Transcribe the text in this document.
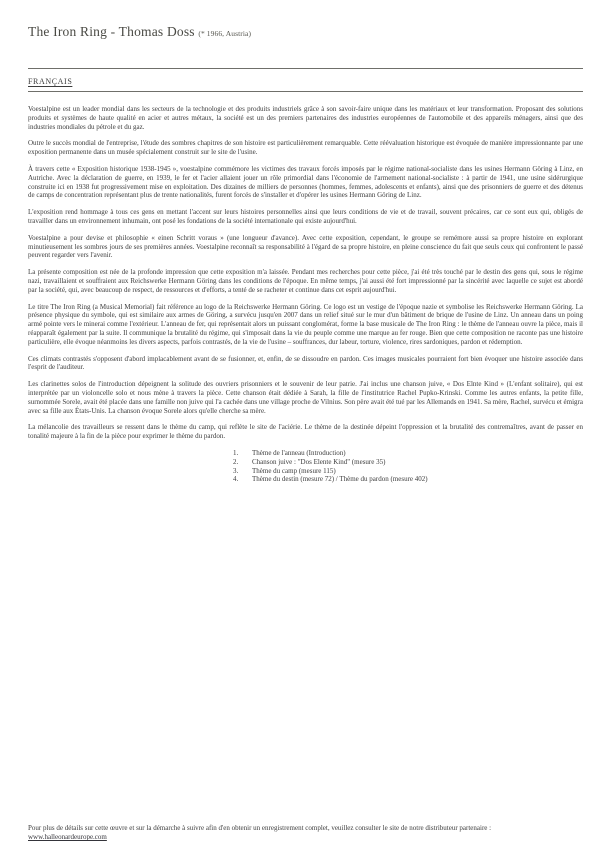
The Iron Ring - Thomas Doss (* 1966, Austria)
FRANÇAIS

Voestalpine est un leader mondial dans les secteurs de la technologie et des produits industriels grâce à son savoir-faire unique dans les matériaux et leur transformation. Proposant des solutions produits et systèmes de haute qualité en acier et autres métaux, la société est un des premiers partenaires des industries européennes de l'automobile et des appareils ménagers, ainsi que des industries mondiales du pétrole et du gaz.

Outre le succès mondial de l'entreprise, l'étude des sombres chapitres de son histoire est particulièrement remarquable. Cette réévaluation historique est évoquée de manière impressionnante par une exposition permanente dans un musée spécialement construit sur le site de l'usine.

À travers cette « Exposition historique 1938-1945 », voestalpine commémore les victimes des travaux forcés imposés par le régime national-socialiste dans les usines Hermann Göring à Linz, en Autriche. Avec la déclaration de guerre, en 1939, le fer et l'acier allaient jouer un rôle primordial dans l'économie de l'armement national-socialiste : à partir de 1941, une usine sidérurgique construite ici en 1938 fut progressivement mise en exploitation. Des dizaines de milliers de personnes (hommes, femmes, adolescents et enfants), ainsi que des prisonniers de guerre et des détenus de camps de concentration représentant plus de trente nationalités, furent forcés de s'installer et d'opérer les usines Hermann Göring de Linz.

L'exposition rend hommage à tous ces gens en mettant l'accent sur leurs histoires personnelles ainsi que leurs conditions de vie et de travail, souvent précaires, car ce sont eux qui, obligés de travailler dans un environnement inhumain, ont posé les fondations de la société internationale qui existe aujourd'hui.

Voestalpine a pour devise et philosophie « einen Schritt voraus » (une longueur d'avance). Avec cette exposition, cependant, le groupe se remémore aussi sa propre histoire en explorant minutieusement les sombres jours de ses premières années. Voestalpine reconnaît sa responsabilité à l'égard de sa propre histoire, en pleine conscience du fait que seuls ceux qui confrontent le passé peuvent regarder vers l'avenir.

La présente composition est née de la profonde impression que cette exposition m'a laissée. Pendant mes recherches pour cette pièce, j'ai été très touché par le destin des gens qui, sous le régime nazi, travaillaient et souffraient aux Reichswerke Hermann Göring dans les conditions de l'époque. En même temps, j'ai aussi été fort impressionné par la sincérité avec laquelle ce sujet est abordé par la société, qui, avec beaucoup de respect, de ressources et d'efforts, a tenté de se racheter et continue dans cet esprit aujourd'hui.

Le titre The Iron Ring (a Musical Memorial) fait référence au logo de la Reichswerke Hermann Göring. Ce logo est un vestige de l'époque nazie et symbolise les Reichswerke Hermann Göring. La présence physique du symbole, qui est similaire aux armes de Göring, a survécu jusqu'en 2007 dans un relief situé sur le mur d'un bâtiment de brique de l'usine de Linz. Un anneau dans un poing armé pointe vers le minerai comme l'extérieur. L'anneau de fer, qui représentait alors un puissant conglomérat, forme la base musicale de The Iron Ring : le thème de l'anneau ouvre la pièce, mais il réapparaît également par la suite. Il communique la brutalité du régime, qui s'imposait dans la vie du peuple comme une marque au fer rouge. Bien que cette composition ne raconte pas une histoire particulière, elle évoque néanmoins les divers aspects, parfois contrastés, de la vie de l'usine – souffrances, dur labeur, torture, violence, rires sardoniques, pardon et rédemption.

Ces climats contrastés s'opposent d'abord implacablement avant de se fusionner, et, enfin, de se dissoudre en pardon. Ces images musicales pourraient fort bien évoquer une histoire associée dans l'esprit de l'auditeur.

Les clarinettes solos de l'introduction dépeignent la solitude des ouvriers prisonniers et le souvenir de leur patrie. J'ai inclus une chanson juive, « Dos Elnte Kind » (L'enfant solitaire), qui est interprétée par un violoncelle solo et nous mène à travers la pièce. Cette chanson était dédiée à Sarah, la fille de l'institutrice Rachel Pupko-Krinski. Comme les autres enfants, la petite fille, surnommée Sorele, avait été placée dans une famille non juive qui l'a cachée dans une village proche de Vilnius. Son père avait été tué par les Allemands en 1941. Sa mère, Rachel, survécu et émigra avec sa fille aux États-Unis. La chanson évoque Sorele alors qu'elle cherche sa mère.

La mélancolie des travailleurs se ressent dans le thème du camp, qui reflète le site de l'aciérie. Le thème de la destinée dépeint l'oppression et la brutalité des contremaîtres, avant de passer en tonalité majeure à la fin de la pièce pour exprimer le thème du pardon.

1. Thème de l'anneau (Introduction)
2. Chanson juive : "Dos Elente Kind" (mesure 35)
3. Thème du camp (mesure 115)
4. Thème du destin (mesure 72) / Thème du pardon (mesure 402)

Pour plus de détails sur cette œuvre et sur la démarche à suivre afin d'en obtenir un enregistrement complet, veuillez consulter le site de notre distributeur partenaire :

www.halleonardeurope.com
